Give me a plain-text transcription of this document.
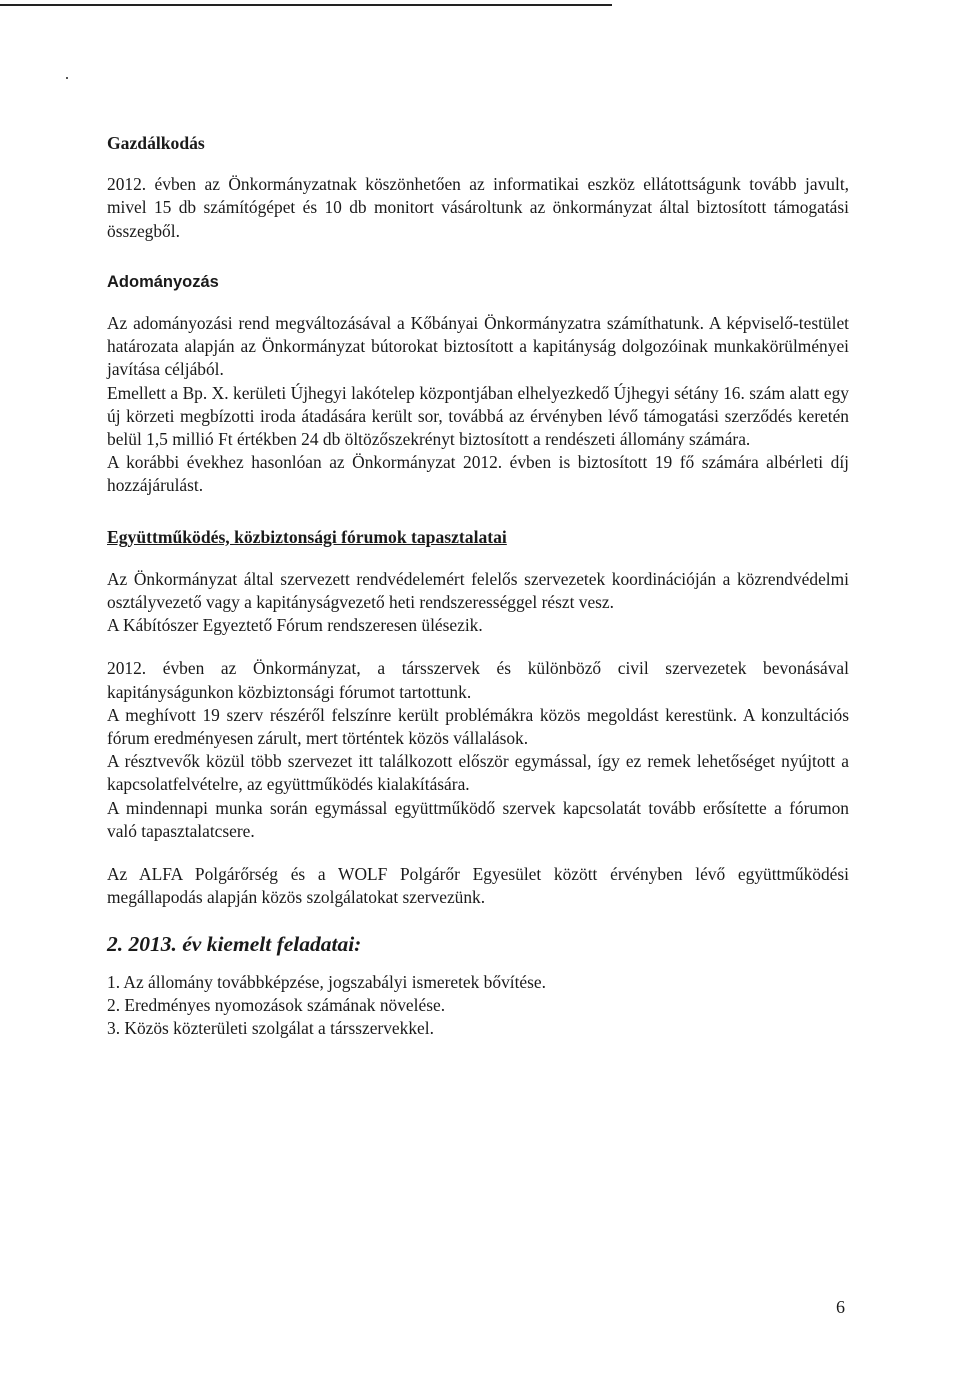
Gazdálkodás

2012. évben az Önkormányzatnak köszönhetően az informatikai eszköz ellátottságunk tovább javult, mivel 15 db számítógépet és 10 db monitort vásároltunk az önkormányzat által biztosított támogatási összegből.

Adományozás

Az adományozási rend megváltozásával a Kőbányai Önkormányzatra számíthatunk. A képviselő-testület határozata alapján az Önkormányzat bútorokat biztosított a kapitányság dolgozóinak munkakörülményei javítása céljából.

Emellett a Bp. X. kerületi Újhegyi lakótelep központjában elhelyezkedő Újhegyi sétány 16. szám alatt egy új körzeti megbízotti iroda átadására került sor, továbbá az érvényben lévő támogatási szerződés keretén belül 1,5 millió Ft értékben 24 db öltözőszekrényt biztosított a rendészeti állomány számára.

A korábbi évekhez hasonlóan az Önkormányzat 2012. évben is biztosított 19 fő számára albérleti díj hozzájárulást.

Együttműködés, közbiztonsági fórumok tapasztalatai

Az Önkormányzat által szervezett rendvédelemért felelős szervezetek koordinációján a közrendvédelmi osztályvezető vagy a kapitányságvezető heti rendszerességgel részt vesz.

A Kábítószer Egyeztető Fórum rendszeresen ülésezik.

2012. évben az Önkormányzat, a társszervek és különböző civil szervezetek bevonásával kapitányságunkon közbiztonsági fórumot tartottunk.

A meghívott 19 szerv részéről felszínre került problémákra közös megoldást kerestünk. A konzultációs fórum eredményesen zárult, mert történtek közös vállalások.

A résztvevők közül több szervezet itt találkozott először egymással, így ez remek lehetőséget nyújtott a kapcsolatfelvételre, az együttműködés kialakítására.

A mindennapi munka során egymással együttműködő szervek kapcsolatát tovább erősítette a fórumon való tapasztalatcsere.

Az ALFA Polgárőrség és a WOLF Polgárőr Egyesület között érvényben lévő együttműködési megállapodás alapján közös szolgálatokat szervezünk.

2. 2013. év kiemelt feladatai:

1. Az állomány továbbképzése, jogszabályi ismeretek bővítése.
2. Eredményes nyomozások számának növelése.
3. Közös közterületi szolgálat a társszervekkel.
6
